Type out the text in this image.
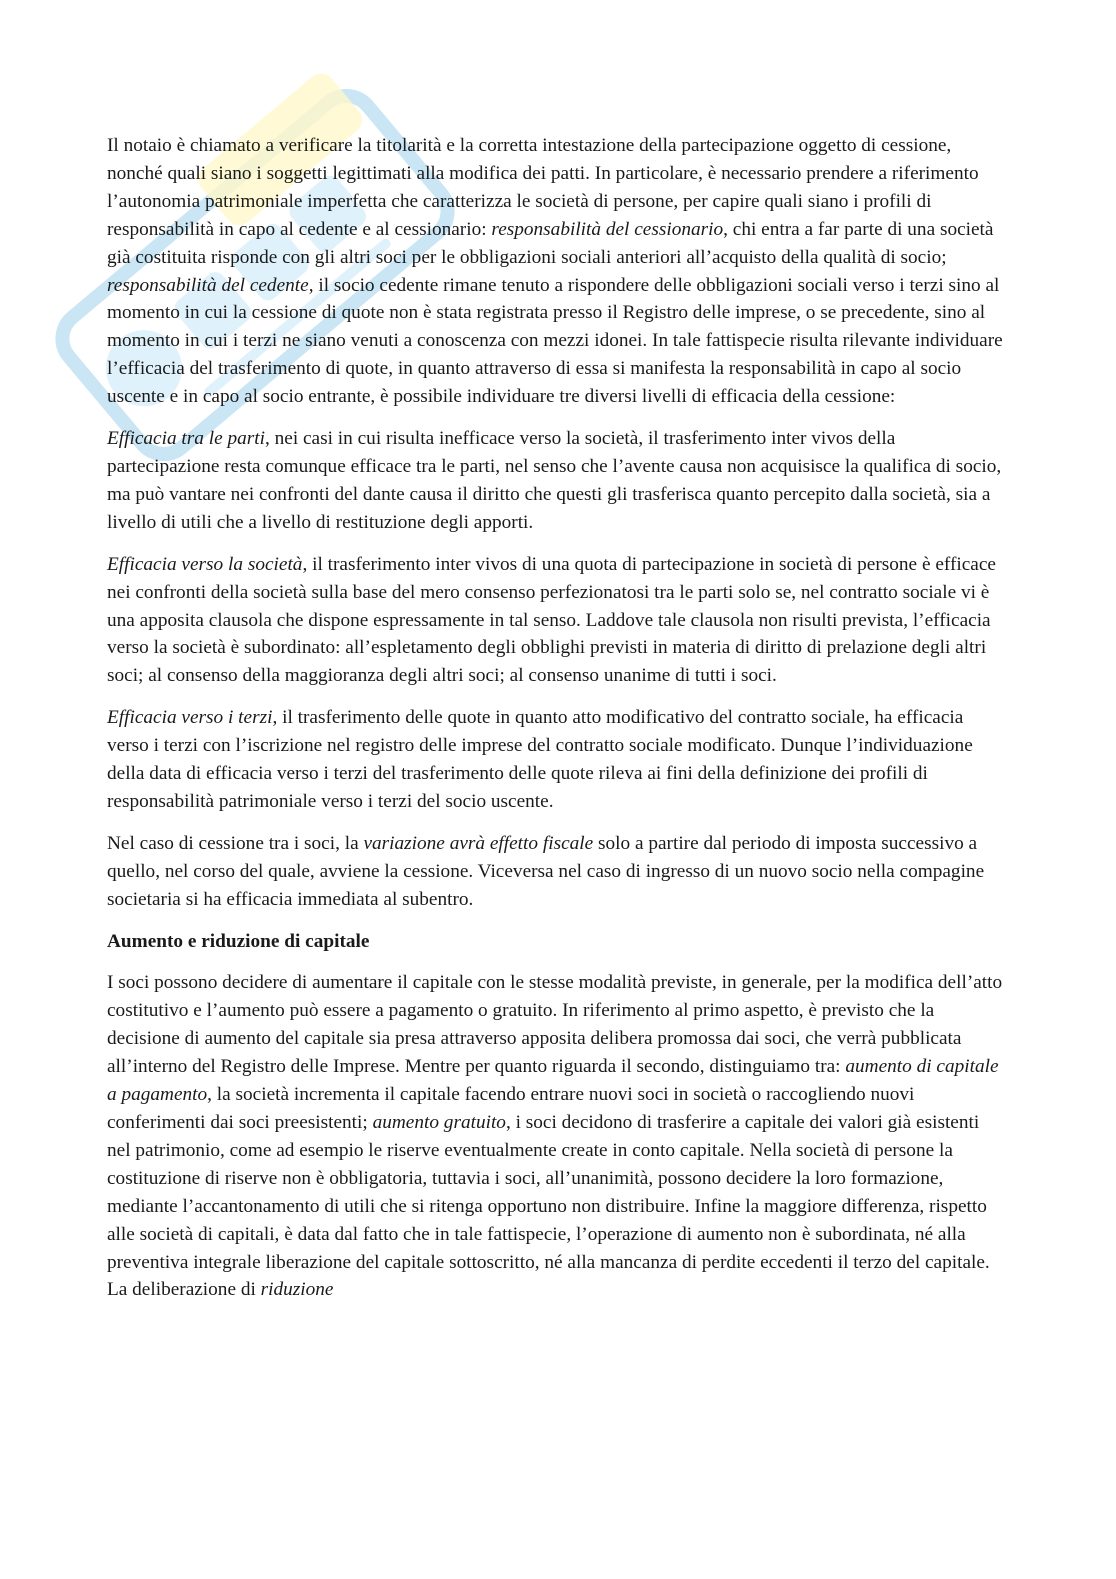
Il notaio è chiamato a verificare la titolarità e la corretta intestazione della partecipazione oggetto di cessione, nonché quali siano i soggetti legittimati alla modifica dei patti. In particolare, è necessario prendere a riferimento l’autonomia patrimoniale imperfetta che caratterizza le società di persone, per capire quali siano i profili di responsabilità in capo al cedente e al cessionario: responsabilità del cessionario, chi entra a far parte di una società già costituita risponde con gli altri soci per le obbligazioni sociali anteriori all’acquisto della qualità di socio; responsabilità del cedente, il socio cedente rimane tenuto a rispondere delle obbligazioni sociali verso i terzi sino al momento in cui la cessione di quote non è stata registrata presso il Registro delle imprese, o se precedente, sino al momento in cui i terzi ne siano venuti a conoscenza con mezzi idonei. In tale fattispecie risulta rilevante individuare l’efficacia del trasferimento di quote, in quanto attraverso di essa si manifesta la responsabilità in capo al socio uscente e in capo al socio entrante, è possibile individuare tre diversi livelli di efficacia della cessione:

Efficacia tra le parti, nei casi in cui risulta inefficace verso la società, il trasferimento inter vivos della partecipazione resta comunque efficace tra le parti, nel senso che l’avente causa non acquisisce la qualifica di socio, ma può vantare nei confronti del dante causa il diritto che questi gli trasferisca quanto percepito dalla società, sia a livello di utili che a livello di restituzione degli apporti.

Efficacia verso la società, il trasferimento inter vivos di una quota di partecipazione in società di persone è efficace nei confronti della società sulla base del mero consenso perfezionatosi tra le parti solo se, nel contratto sociale vi è una apposita clausola che dispone espressamente in tal senso. Laddove tale clausola non risulti prevista, l’efficacia verso la società è subordinato: all’espletamento degli obblighi previsti in materia di diritto di prelazione degli altri soci; al consenso della maggioranza degli altri soci; al consenso unanime di tutti i soci.

Efficacia verso i terzi, il trasferimento delle quote in quanto atto modificativo del contratto sociale, ha efficacia verso i terzi con l’iscrizione nel registro delle imprese del contratto sociale modificato. Dunque l’individuazione della data di efficacia verso i terzi del trasferimento delle quote rileva ai fini della definizione dei profili di responsabilità patrimoniale verso i terzi del socio uscente.

Nel caso di cessione tra i soci, la variazione avrà effetto fiscale solo a partire dal periodo di imposta successivo a quello, nel corso del quale, avviene la cessione. Viceversa nel caso di ingresso di un nuovo socio nella compagine societaria si ha efficacia immediata al subentro.

Aumento e riduzione di capitale

I soci possono decidere di aumentare il capitale con le stesse modalità previste, in generale, per la modifica dell’atto costitutivo e l’aumento può essere a pagamento o gratuito. In riferimento al primo aspetto, è previsto che la decisione di aumento del capitale sia presa attraverso apposita delibera promossa dai soci, che verrà pubblicata all’interno del Registro delle Imprese. Mentre per quanto riguarda il secondo, distinguiamo tra: aumento di capitale a pagamento, la società incrementa il capitale facendo entrare nuovi soci in società o raccogliendo nuovi conferimenti dai soci preesistenti; aumento gratuito, i soci decidono di trasferire a capitale dei valori già esistenti nel patrimonio, come ad esempio le riserve eventualmente create in conto capitale. Nella società di persone la costituzione di riserve non è obbligatoria, tuttavia i soci, all’unanimità, possono decidere la loro formazione, mediante l’accantonamento di utili che si ritenga opportuno non distribuire. Infine la maggiore differenza, rispetto alle società di capitali, è data dal fatto che in tale fattispecie, l’operazione di aumento non è subordinata, né alla preventiva integrale liberazione del capitale sottoscritto, né alla mancanza di perdite eccedenti il terzo del capitale. La deliberazione di riduzione
